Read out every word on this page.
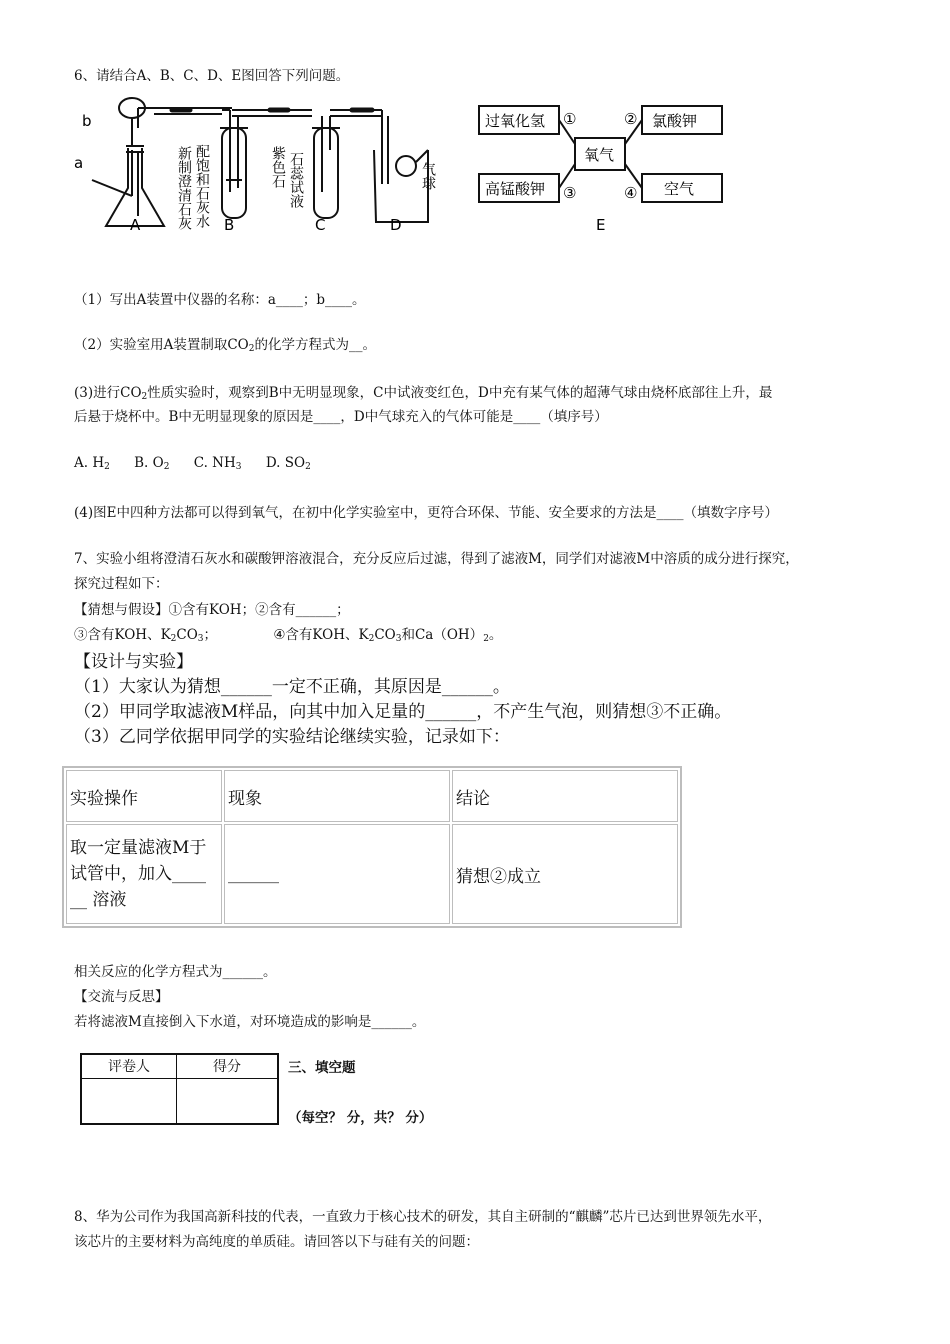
6、请结合A、B、C、D、E图回答下列问题。
b
a	新制澄清石灰 配饱和石灰水	紫色石 石蕊试液	气球
A	B	C	D
过氧化氢	氯酸钾
高锰酸钾	空气
氧气
①	②
③	④
E
（1）写出A装置中仪器的名称：a____；b____。
（2）实验室用A装置制取$CO_2$的化学方程式为__。
(3)进行$CO_2$性质实验时，观察到B中无明显现象，C中试液变红色，D中充有某气体的超薄气球由烧杯底部往上升，最
后悬于烧杯中。B中无明显现象的原因是____，D中气球充入的气体可能是____（填序号）
A. $H_2$ B. $O_2$ C. $NH_3$ D. $SO_2$
(4)图E中四种方法都可以得到氧气，在初中化学实验室中，更符合环保、节能、安全要求的方法是____（填数字序号）
7、实验小组将澄清石灰水和碳酸钾溶液混合，充分反应后过滤，得到了滤液M，同学们对滤液M中溶质的成分进行探究，
探究过程如下：
【猜想与假设】①含有KOH；②含有______；
③含有KOH、$K_2CO_3$；	④含有KOH、$K_2CO_3$和$Ca(OH)_2$。
【设计与实验】
（1）大家认为猜想______一定不正确，其原因是______。
（2）甲同学取滤液M样品，向其中加入足量的______，不产生气泡，则猜想③不正确。
（3）乙同学依据甲同学的实验结论继续实验，记录如下：
实验操作	现象	结论

取一定量滤液M于
试管中，加入____
__ 溶液	______	猜想②成立
相关反应的化学方程式为______。
【交流与反思】
若将滤液M直接倒入下水道，对环境造成的影响是______。
评卷人	得分
		三、填空题
（每空？ 分，共？ 分）
8、华为公司作为我国高新科技的代表，一直致力于核心技术的研发，其自主研制的“麒麟”芯片已达到世界领先水平，
该芯片的主要材料为高纯度的单质硅。请回答以下与硅有关的问题：
